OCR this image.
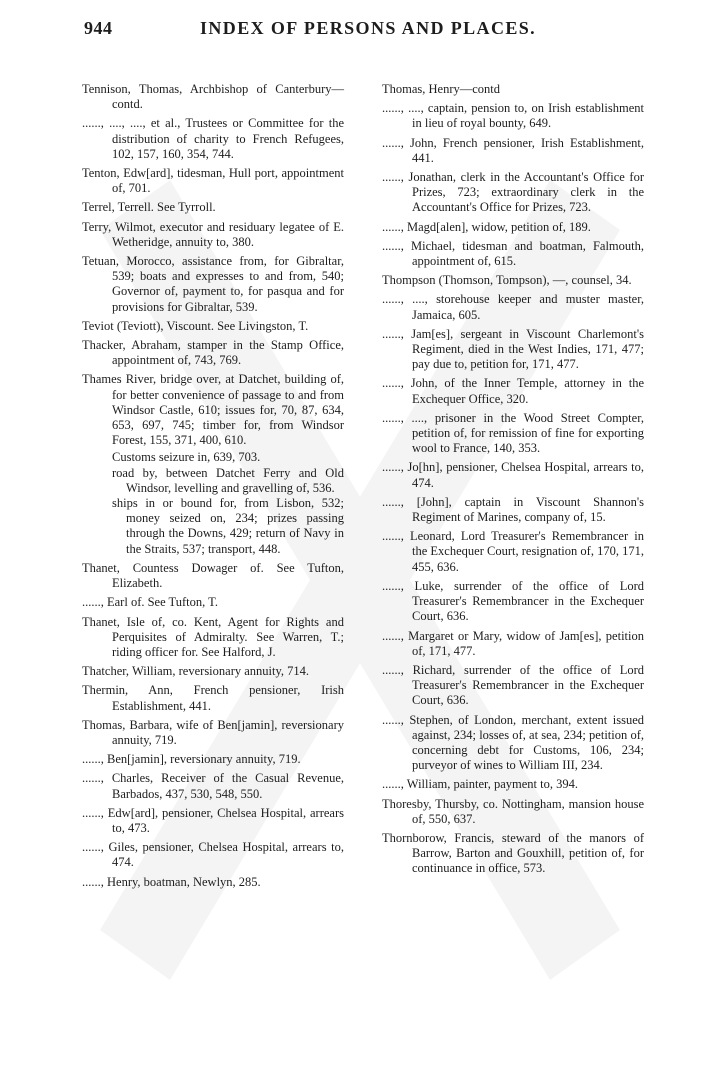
944	INDEX OF PERSONS AND PLACES.

Tennison, Thomas, Archbishop of Canterbury—contd.

......, ...., ...., et al., Trustees or Committee for the distribution of charity to French Refugees, 102, 157, 160, 354, 744.

Tenton, Edw[ard], tidesman, Hull port, appointment of, 701.

Terrel, Terrell. See Tyrroll.

Terry, Wilmot, executor and residuary legatee of E. Wetheridge, annuity to, 380.

Tetuan, Morocco, assistance from, for Gibraltar, 539; boats and expresses to and from, 540; Governor of, payment to, for pasqua and for provisions for Gibraltar, 539.

Teviot (Teviott), Viscount. See Livingston, T.

Thacker, Abraham, stamper in the Stamp Office, appointment of, 743, 769.

Thames River, bridge over, at Datchet, building of, for better convenience of passage to and from Windsor Castle, 610; issues for, 70, 87, 634, 653, 697, 745; timber for, from Windsor Forest, 155, 371, 400, 610.

Customs seizure in, 639, 703.

road by, between Datchet Ferry and Old Windsor, levelling and gravelling of, 536.

ships in or bound for, from Lisbon, 532; money seized on, 234; prizes passing through the Downs, 429; return of Navy in the Straits, 537; transport, 448.

Thanet, Countess Dowager of. See Tufton, Elizabeth.

......, Earl of. See Tufton, T.

Thanet, Isle of, co. Kent, Agent for Rights and Perquisites of Admiralty. See Warren, T.; riding officer for. See Halford, J.

Thatcher, William, reversionary annuity, 714.

Thermin, Ann, French pensioner, Irish Establishment, 441.

Thomas, Barbara, wife of Ben[jamin], reversionary annuity, 719.

......, Ben[jamin], reversionary annuity, 719.

......, Charles, Receiver of the Casual Revenue, Barbados, 437, 530, 548, 550.

......, Edw[ard], pensioner, Chelsea Hospital, arrears to, 473.

......, Giles, pensioner, Chelsea Hospital, arrears to, 474.

......, Henry, boatman, Newlyn, 285.

Thomas, Henry—contd

......, ...., captain, pension to, on Irish establishment in lieu of royal bounty, 649.

......, John, French pensioner, Irish Establishment, 441.

......, Jonathan, clerk in the Accountant's Office for Prizes, 723; extraordinary clerk in the Accountant's Office for Prizes, 723.

......, Magd[alen], widow, petition of, 189.

......, Michael, tidesman and boatman, Falmouth, appointment of, 615.

Thompson (Thomson, Tompson), —, counsel, 34.

......, ...., storehouse keeper and muster master, Jamaica, 605.

......, Jam[es], sergeant in Viscount Charlemont's Regiment, died in the West Indies, 171, 477; pay due to, petition for, 171, 477.

......, John, of the Inner Temple, attorney in the Exchequer Office, 320.

......, ...., prisoner in the Wood Street Compter, petition of, for remission of fine for exporting wool to France, 140, 353.

......, Jo[hn], pensioner, Chelsea Hospital, arrears to, 474.

......, [John], captain in Viscount Shannon's Regiment of Marines, company of, 15.

......, Leonard, Lord Treasurer's Remembrancer in the Exchequer Court, resignation of, 170, 171, 455, 636.

......, Luke, surrender of the office of Lord Treasurer's Remembrancer in the Exchequer Court, 636.

......, Margaret or Mary, widow of Jam[es], petition of, 171, 477.

......, Richard, surrender of the office of Lord Treasurer's Remembrancer in the Exchequer Court, 636.

......, Stephen, of London, merchant, extent issued against, 234; losses of, at sea, 234; petition of, concerning debt for Customs, 106, 234; purveyor of wines to William III, 234.

......, William, painter, payment to, 394.

Thoresby, Thursby, co. Nottingham, mansion house of, 550, 637.

Thornborow, Francis, steward of the manors of Barrow, Barton and Gouxhill, petition of, for continuance in office, 573.
